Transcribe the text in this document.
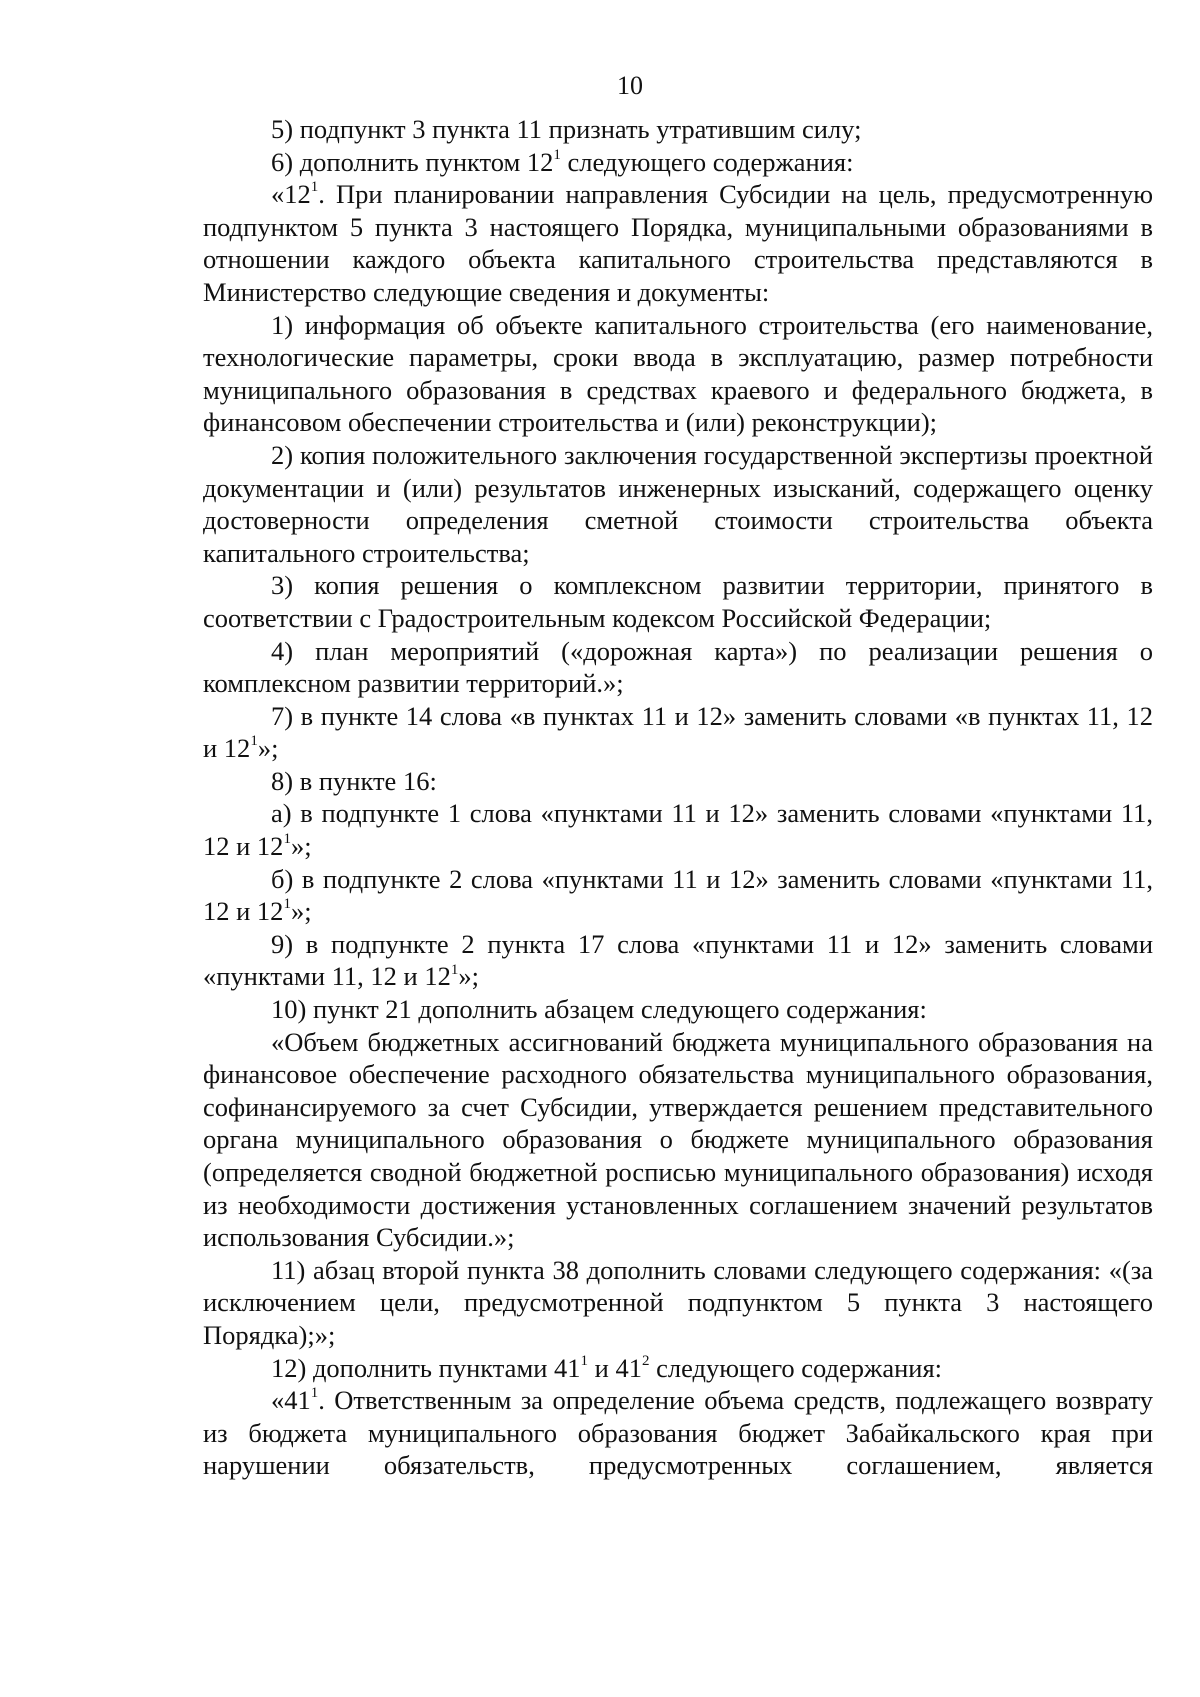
10

5) подпункт 3 пункта 11 признать утратившим силу;

6) дополнить пунктом $12^1$ следующего содержания:

«$12^1$. При планировании направления Субсидии на цель, предусмотренную подпунктом 5 пункта 3 настоящего Порядка, муниципальными образованиями в отношении каждого объекта капитального строительства представляются в Министерство следующие сведения и документы:

1) информация об объекте капитального строительства (его наименование, технологические параметры, сроки ввода в эксплуатацию, размер потребности муниципального образования в средствах краевого и федерального бюджета, в финансовом обеспечении строительства и (или) реконструкции);

2) копия положительного заключения государственной экспертизы проектной документации и (или) результатов инженерных изысканий, содержащего оценку достоверности определения сметной стоимости строительства объекта капитального строительства;

3) копия решения о комплексном развитии территории, принятого в соответствии с Градостроительным кодексом Российской Федерации;

4) план мероприятий («дорожная карта») по реализации решения о комплексном развитии территорий.»;

7) в пункте 14 слова «в пунктах 11 и 12» заменить словами «в пунктах 11, 12 и $12^1$»;

8) в пункте 16:

а) в подпункте 1 слова «пунктами 11 и 12» заменить словами «пунктами 11, 12 и $12^1$»;

б) в подпункте 2 слова «пунктами 11 и 12» заменить словами «пунктами 11, 12 и $12^1$»;

9) в подпункте 2 пункта 17 слова «пунктами 11 и 12» заменить словами «пунктами 11, 12 и $12^1$»;

10) пункт 21 дополнить абзацем следующего содержания:

«Объем бюджетных ассигнований бюджета муниципального образования на финансовое обеспечение расходного обязательства муниципального образования, софинансируемого за счет Субсидии, утверждается решением представительного органа муниципального образования о бюджете муниципального образования (определяется сводной бюджетной росписью муниципального образования) исходя из необходимости достижения установленных соглашением значений результатов использования Субсидии.»;

11) абзац второй пункта 38 дополнить словами следующего содержания: «(за исключением цели, предусмотренной подпунктом 5 пункта 3 настоящего Порядка);»;

12) дополнить пунктами $41^1$ и $41^2$ следующего содержания:

«$41^1$. Ответственным за определение объема средств, подлежащего возврату из бюджета муниципального образования бюджет Забайкальского края при нарушении обязательств, предусмотренных соглашением, является
